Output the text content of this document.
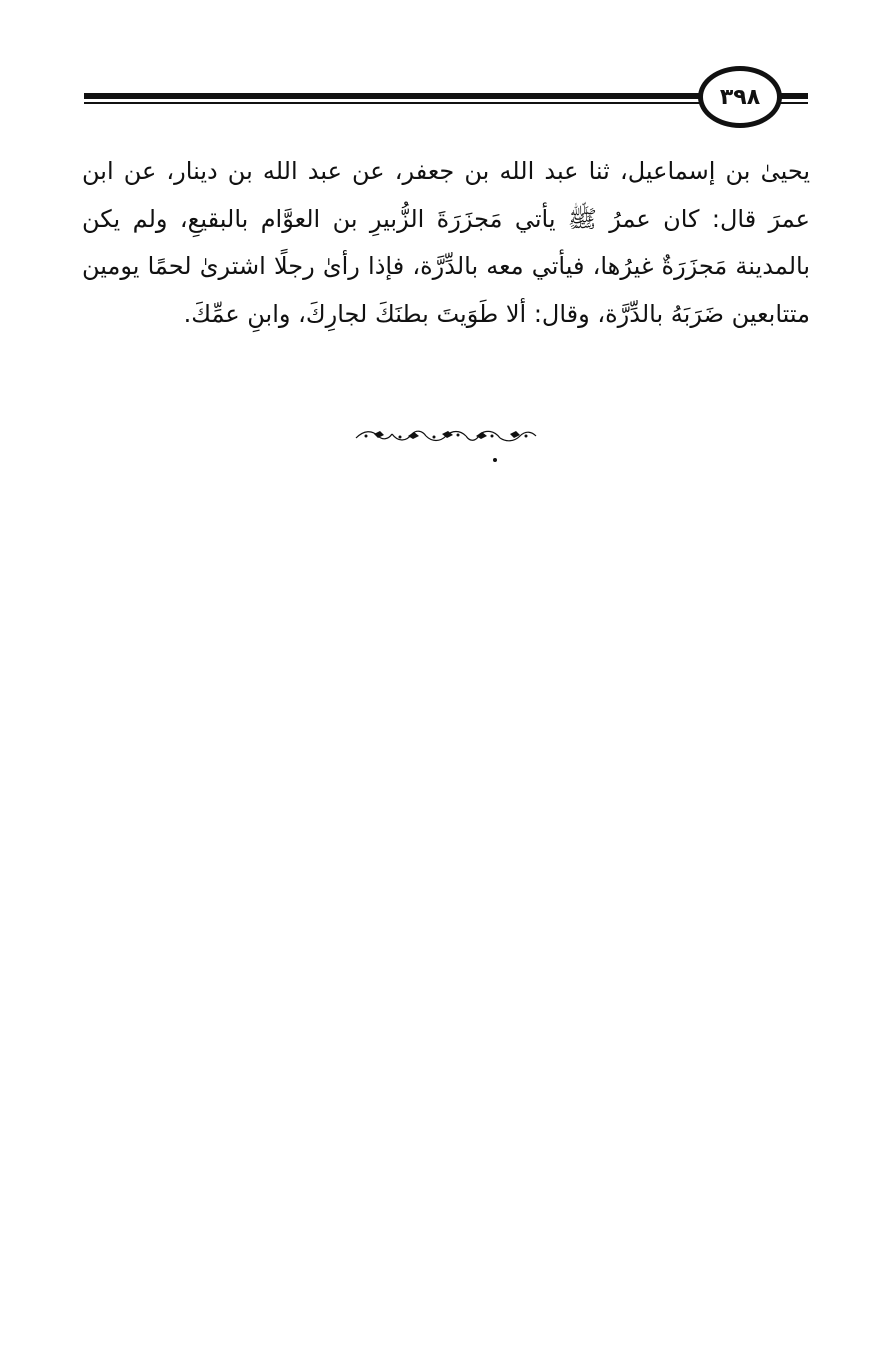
٣٩٨

يحيىٰ بن إسماعيل، ثنا عبد الله بن جعفر، عن عبد الله بن دينار، عن ابن عمرَ قال: كان عمرُ ﷺ يأتي مَجزَرَةَ الزُّبيرِ بن العوَّام بالبقيعِ، ولم يكن بالمدينة مَجزَرَةٌ غيرُها، فيأتي معه بالدِّرَّة، فإذا رأىٰ رجلًا اشترىٰ لحمًا يومين متتابعين ضَرَبَهُ بالدِّرَّة، وقال: ألا طَوَيتَ بطنَكَ لجارِكَ، وابنِ عمِّكَ.
